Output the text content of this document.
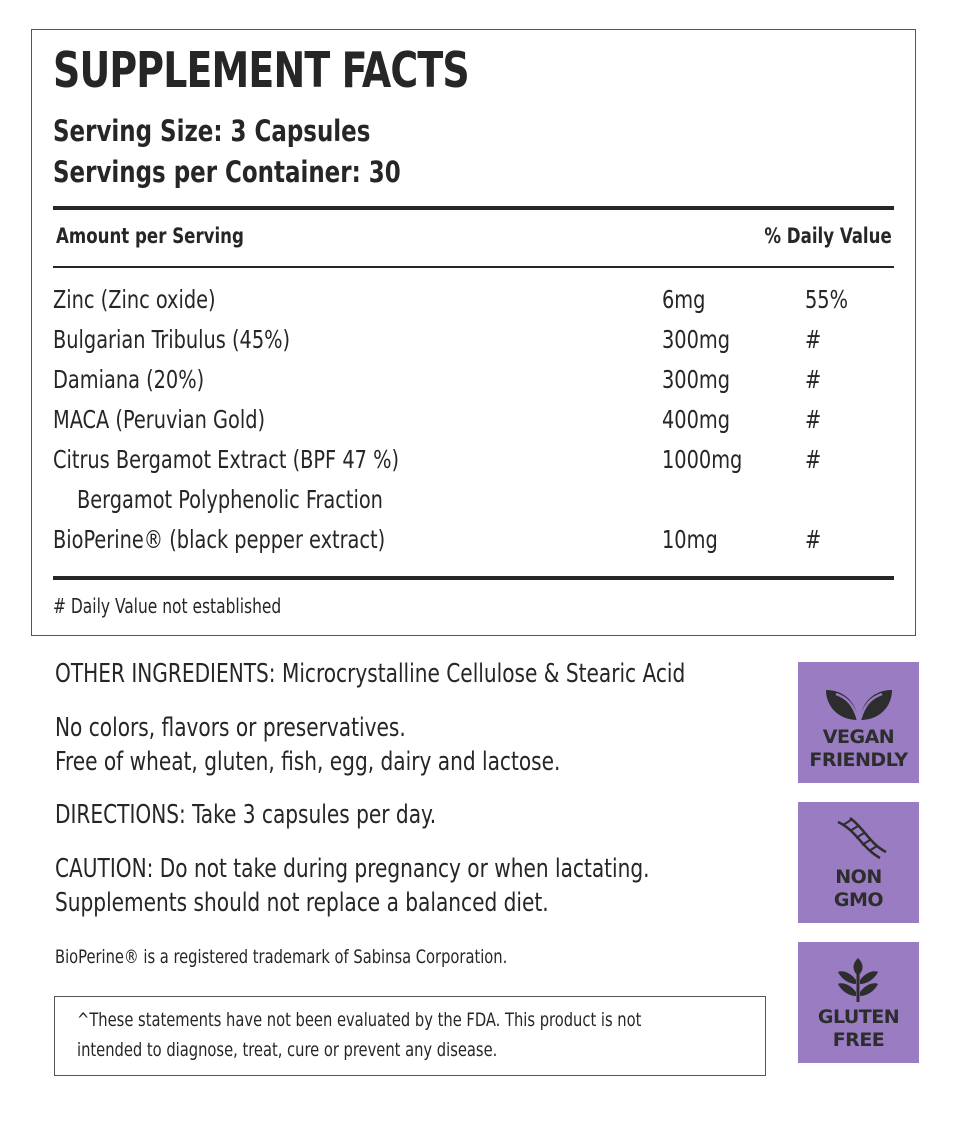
SUPPLEMENT FACTS
Serving Size: 3 Capsules
Servings per Container: 30
Amount per Serving	% Daily Value
Zinc (Zinc oxide)	6mg	55%
Bulgarian Tribulus (45%)	300mg	#
Damiana (20%)	300mg	#
MACA (Peruvian Gold)	400mg	#
Citrus Bergamot Extract (BPF 47 %)	1000mg	#
Bergamot Polyphenolic Fraction
BioPerine® (black pepper extract)	10mg	#
# Daily Value not established
OTHER INGREDIENTS: Microcrystalline Cellulose & Stearic Acid
No colors, flavors or preservatives.
Free of wheat, gluten, fish, egg, dairy and lactose.
DIRECTIONS: Take 3 capsules per day.
CAUTION: Do not take during pregnancy or when lactating.
Supplements should not replace a balanced diet.
BioPerine® is a registered trademark of Sabinsa Corporation.
^These statements have not been evaluated by the FDA. This product is not
intended to diagnose, treat, cure or prevent any disease.
VEGAN
FRIENDLY
NON
GMO
GLUTEN
FREE
